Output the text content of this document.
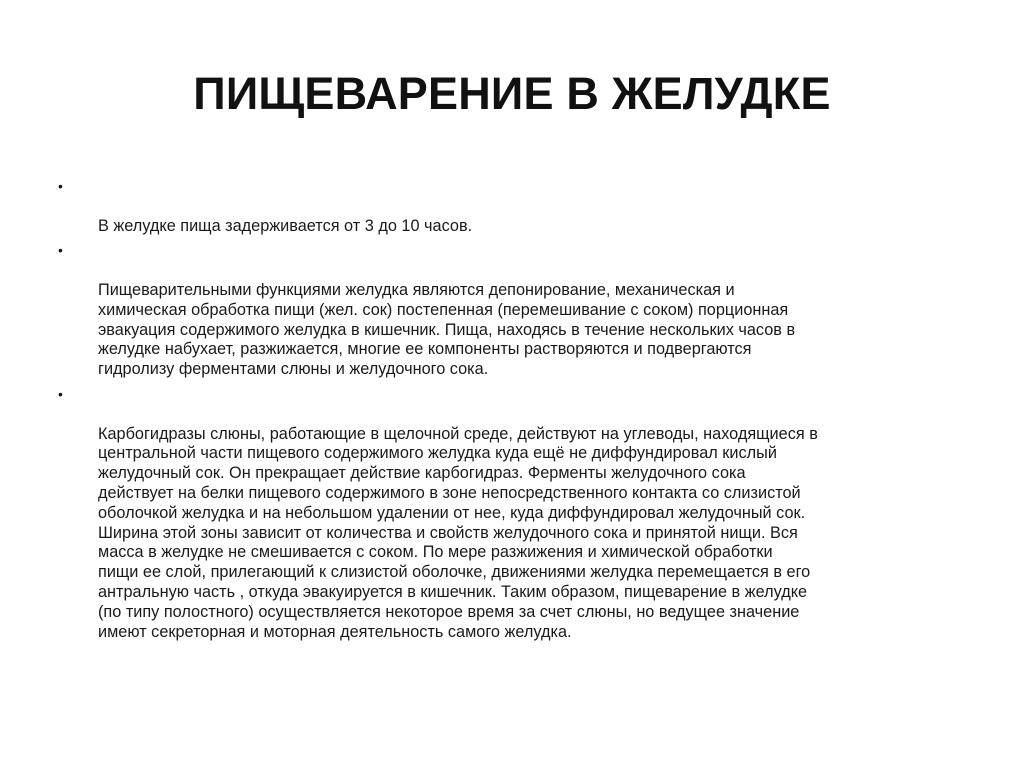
ПИЩЕВАРЕНИЕ В ЖЕЛУДКЕ

•

В желудке пища задерживается от 3 до 10 часов.

•

Пищеварительными функциями желудка являются депонирование, механическая и
химическая обработка пищи (жел. сок) постепенная (перемешивание с соком) порционная
эвакуация содержимого желудка в кишечник. Пища, находясь в течение нескольких часов в
желудке набухает, разжижается, многие ее компоненты растворяются и подвергаются
гидролизу ферментами слюны и желудочного сока.

•

Карбогидразы слюны, работающие в щелочной среде, действуют на углеводы, находящиеся в
центральной части пищевого содержимого желудка куда ещё не диффундировал кислый
желудочный сок. Он прекращает действие карбогидраз. Ферменты желудочного сока
действует на белки пищевого содержимого в зоне непосредственного контакта со слизистой
оболочкой желудка и на небольшом удалении от нее, куда диффундировал желудочный сок.
Ширина этой зоны зависит от количества и свойств желудочного сока и принятой нищи. Вся
масса в желудке не смешивается с соком. По мере разжижения и химической обработки
пищи ее слой, прилегающий к слизистой оболочке, движениями желудка перемещается в его
антральную часть , откуда эвакуируется в кишечник. Таким образом, пищеварение в желудке
(по типу полостного) осуществляется некоторое время за счет слюны, но ведущее значение
имеют секреторная и моторная деятельность самого желудка.
